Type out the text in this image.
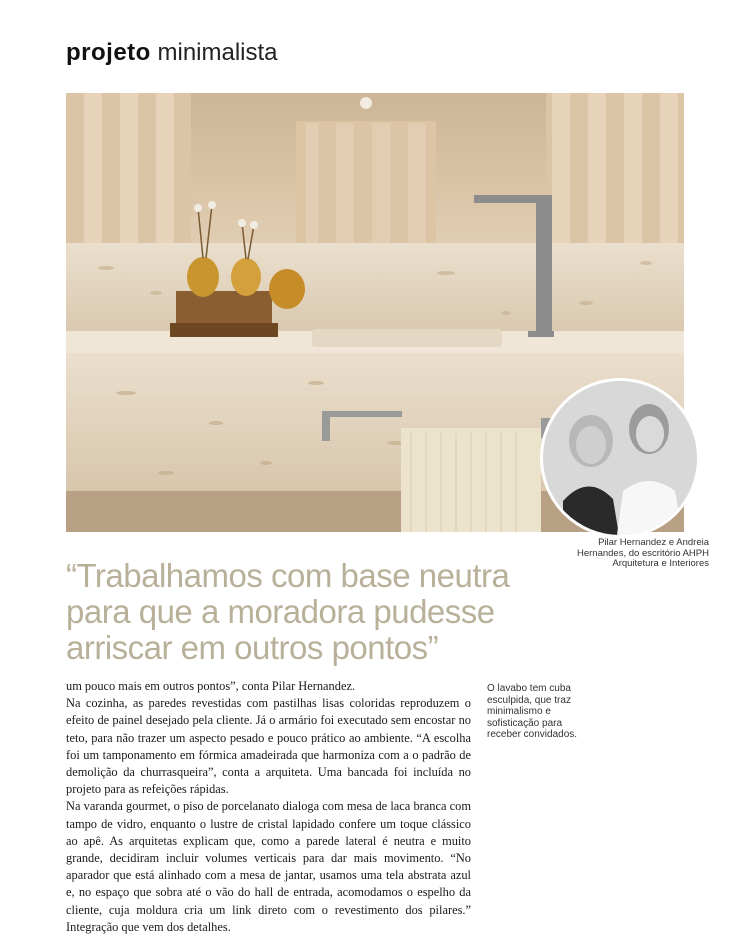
projeto minimalista
Pilar Hernandez e Andreia Hernandes, do escritório AHPH Arquitetura e Interiores
“Trabalhamos com base neutra para que a moradora pudesse arriscar em outros pontos”
O lavabo tem cuba esculpida, que traz minimalismo e sofisticação para receber convidados.

um pouco mais em outros pontos”, conta Pilar Hernandez.

Na cozinha, as paredes revestidas com pastilhas lisas coloridas reproduzem o efeito de painel desejado pela cliente. Já o armário foi executado sem encostar no teto, para não trazer um aspecto pesado e pouco prático ao ambiente. “A escolha foi um tamponamento em fórmica amadeirada que harmoniza com a o padrão de demolição da churrasqueira”, conta a arquiteta. Uma bancada foi incluída no projeto para as refeições rápidas.

Na varanda gourmet, o piso de porcelanato dialoga com mesa de laca branca com tampo de vidro, enquanto o lustre de cristal lapidado confere um toque clássico ao apê. As arquitetas explicam que, como a parede lateral é neutra e muito grande, decidiram incluir volumes verticais para dar mais movimento. “No aparador que está alinhado com a mesa de jantar, usamos uma tela abstrata azul e, no espaço que sobra até o vão do hall de entrada, acomodamos o espelho da cliente, cuja moldura cria um link direto com o revestimento dos pilares.” Integração que vem dos detalhes.
